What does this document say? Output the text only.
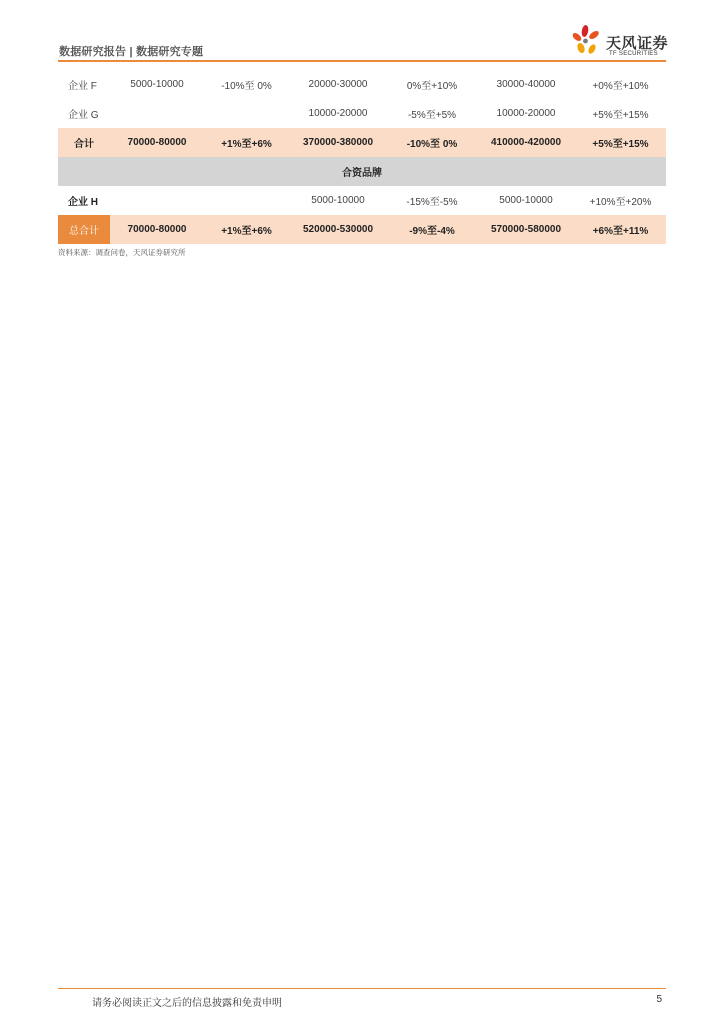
数据研究报告 | 数据研究专题	天风证券
TF SECURITIES
企业 F	5000-10000	-10%至 0%	20000-30000	0%至+10%	30000-40000	+0%至+10%
企业 G			10000-20000	-5%至+5%	10000-20000	+5%至+15%
合计	70000-80000	+1%至+6%	370000-380000	-10%至 0%	410000-420000	+5%至+15%
合资品牌						
企业 H			5000-10000	-15%至-5%	5000-10000	+10%至+20%
总合计	70000-80000	+1%至+6%	520000-530000	-9%至-4%	570000-580000	+6%至+11%
资料来源：调查问卷，天风证券研究所
请务必阅读正文之后的信息披露和免责申明	5
